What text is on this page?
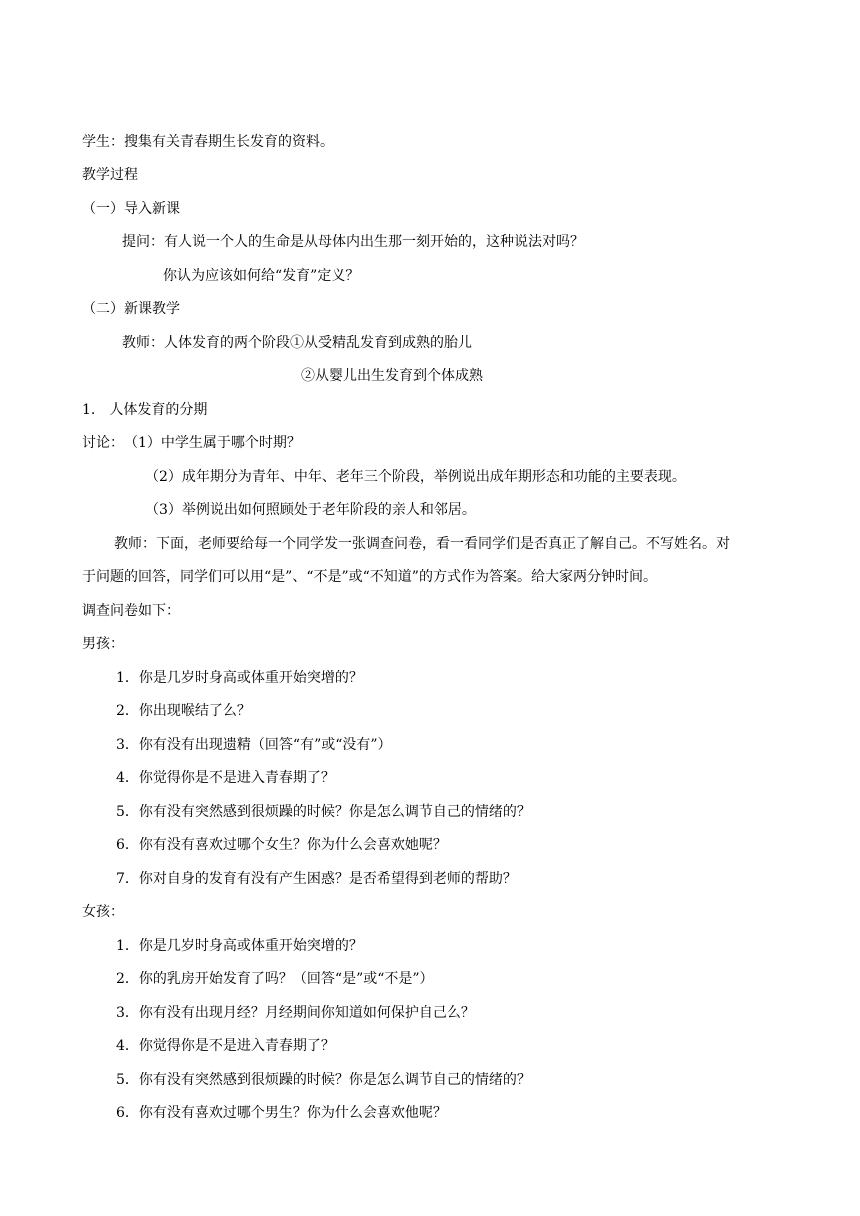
学生：搜集有关青春期生长发育的资料。
教学过程
（一）导入新课
提问：有人说一个人的生命是从母体内出生那一刻开始的，这种说法对吗？
你认为应该如何给“发育”定义？
（二）新课教学
教师：人体发育的两个阶段①从受精乱发育到成熟的胎儿
②从婴儿出生发育到个体成熟
1.　人体发育的分期
讨论：　（1）中学生属于哪个时期？
（2）成年期分为青年、中年、老年三个阶段，举例说出成年期形态和功能的主要表现。
（3）举例说出如何照顾处于老年阶段的亲人和邻居。
教师：下面，老师要给每一个同学发一张调查问卷，看一看同学们是否真正了解自己。不写姓名。对
于问题的回答，同学们可以用“是”、“不是”或“不知道”的方式作为答案。给大家两分钟时间。
调查问卷如下：
男孩：
1．你是几岁时身高或体重开始突增的？
2．你出现喉结了么？
3．你有没有出现遗精（回答“有”或“没有”）
4．你觉得你是不是进入青春期了？
5．你有没有突然感到很烦躁的时候？你是怎么调节自己的情绪的？
6．你有没有喜欢过哪个女生？你为什么会喜欢她呢？
7．你对自身的发育有没有产生困惑？是否希望得到老师的帮助？
女孩：
1．你是几岁时身高或体重开始突增的？
2．你的乳房开始发育了吗？（回答“是”或“不是”）
3．你有没有出现月经？月经期间你知道如何保护自己么？
4．你觉得你是不是进入青春期了？
5．你有没有突然感到很烦躁的时候？你是怎么调节自己的情绪的？
6．你有没有喜欢过哪个男生？你为什么会喜欢他呢？
